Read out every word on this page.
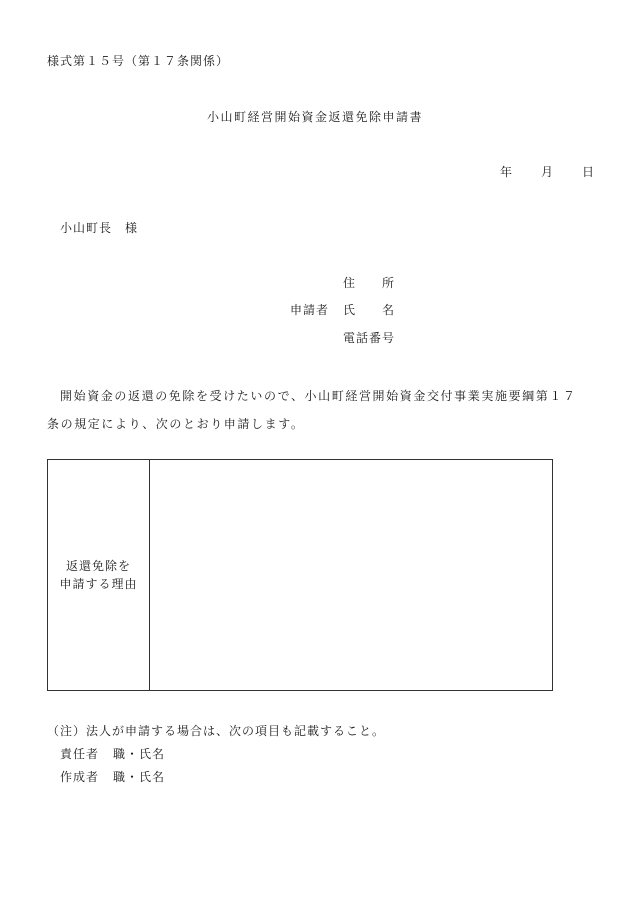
様式第１５号（第１７条関係）
小山町経営開始資金返還免除申請書
年 月 日
小山町長　様
住 所
申請者 氏 名
電話番号
開始資金の返還の免除を受けたいので、小山町経営開始資金交付事業実施要綱第１７条の規定により、次のとおり申請します。
返還免除を
申請する理由
（注）法人が申請する場合は、次の項目も記載すること。
責任者 職・氏名
作成者 職・氏名
